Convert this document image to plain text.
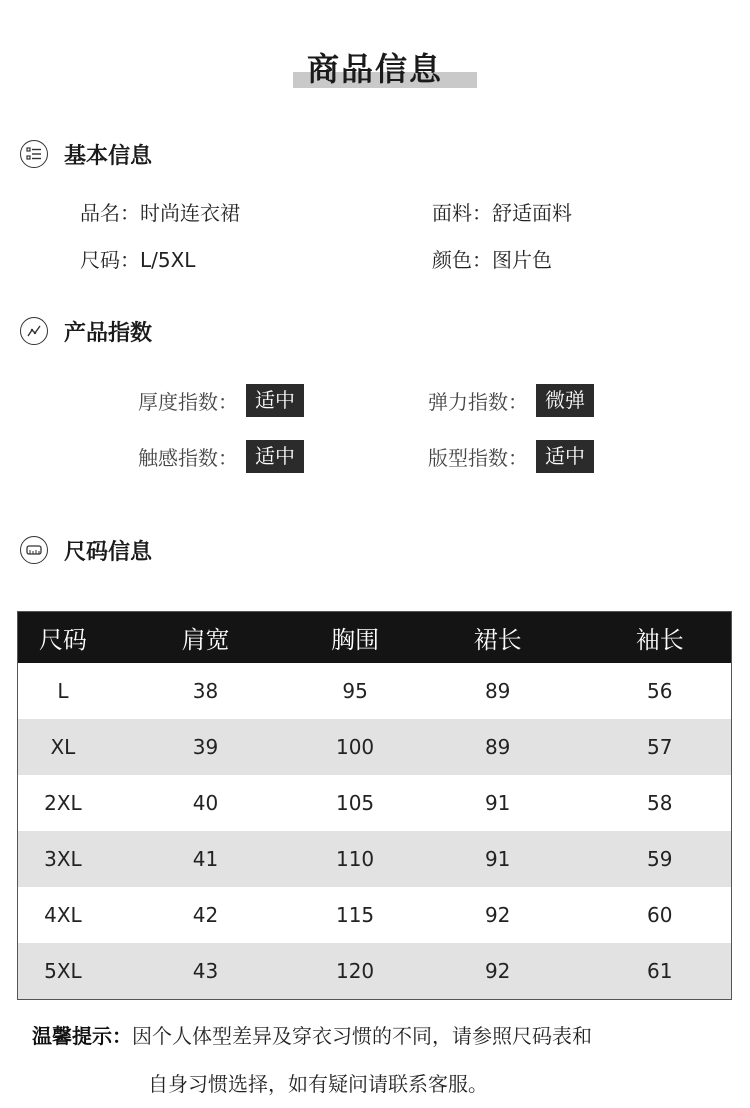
商品信息
基本信息
品名：时尚连衣裙	面料：舒适面料
尺码：L/5XL	颜色：图片色
产品指数
厚度指数： 适中	弹力指数： 微弹
触感指数： 适中	版型指数： 适中
尺码信息
尺码	肩宽	胸围	裙长	袖长
L	38	95	89	56
XL	39	100	89	57
2XL	40	105	91	58
3XL	41	110	91	59
4XL	42	115	92	60
5XL	43	120	92	61
温馨提示：因个人体型差异及穿衣习惯的不同，请参照尺码表和
自身习惯选择，如有疑问请联系客服。
